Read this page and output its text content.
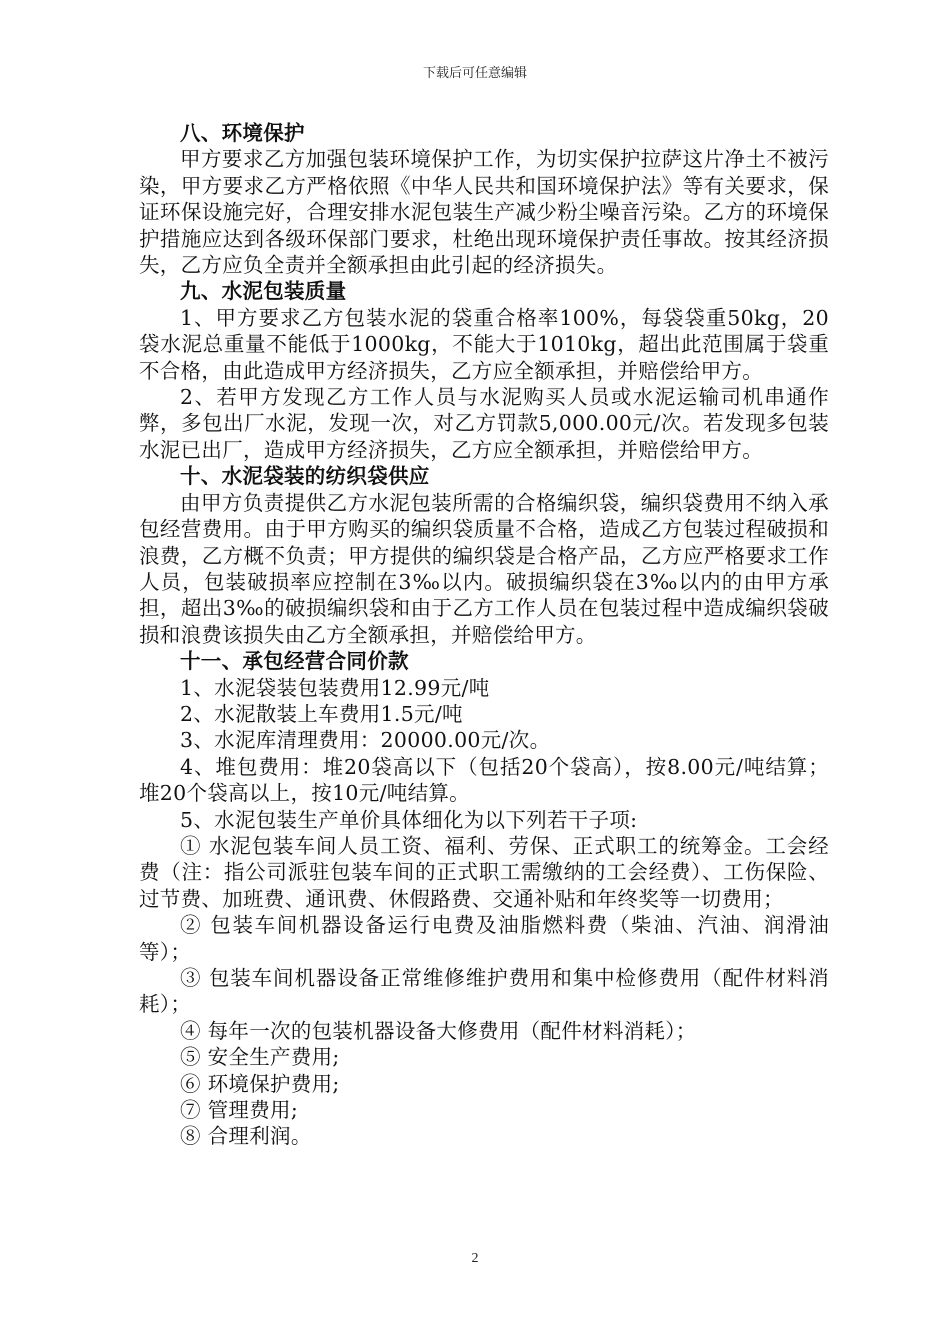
下载后可任意编辑

八、环境保护

甲方要求乙方加强包装环境保护工作，为切实保护拉萨这片净土不被污染，甲方要求乙方严格依照《中华人民共和国环境保护法》等有关要求，保证环保设施完好，合理安排水泥包装生产减少粉尘噪音污染。乙方的环境保护措施应达到各级环保部门要求，杜绝出现环境保护责任事故。按其经济损失，乙方应负全责并全额承担由此引起的经济损失。

九、水泥包装质量

1、甲方要求乙方包装水泥的袋重合格率100%，每袋袋重50kg，20袋水泥总重量不能低于1000kg，不能大于1010kg，超出此范围属于袋重不合格，由此造成甲方经济损失，乙方应全额承担，并赔偿给甲方。

2、若甲方发现乙方工作人员与水泥购买人员或水泥运输司机串通作弊，多包出厂水泥，发现一次，对乙方罚款5,000.00元/次。若发现多包装水泥已出厂，造成甲方经济损失，乙方应全额承担，并赔偿给甲方。

十、水泥袋装的纺织袋供应

由甲方负责提供乙方水泥包装所需的合格编织袋，编织袋费用不纳入承包经营费用。由于甲方购买的编织袋质量不合格，造成乙方包装过程破损和浪费，乙方概不负责；甲方提供的编织袋是合格产品，乙方应严格要求工作人员，包装破损率应控制在3‰以内。破损编织袋在3‰以内的由甲方承担，超出3‰的破损编织袋和由于乙方工作人员在包装过程中造成编织袋破损和浪费该损失由乙方全额承担，并赔偿给甲方。

十一、承包经营合同价款

1、水泥袋装包装费用12.99元/吨

2、水泥散装上车费用1.5元/吨

3、水泥库清理费用：20000.00元/次。

4、堆包费用：堆20袋高以下（包括20个袋高），按8.00元/吨结算；堆20个袋高以上，按10元/吨结算。

5、水泥包装生产单价具体细化为以下列若干子项:

① 水泥包装车间人员工资、福利、劳保、正式职工的统筹金。工会经费（注：指公司派驻包装车间的正式职工需缴纳的工会经费）、工伤保险、过节费、加班费、通讯费、休假路费、交通补贴和年终奖等一切费用；

② 包装车间机器设备运行电费及油脂燃料费（柴油、汽油、润滑油等）；

③ 包装车间机器设备正常维修维护费用和集中检修费用（配件材料消耗）；

④ 每年一次的包装机器设备大修费用（配件材料消耗）；

⑤ 安全生产费用;

⑥ 环境保护费用;

⑦ 管理费用;

⑧ 合理利润。

2
